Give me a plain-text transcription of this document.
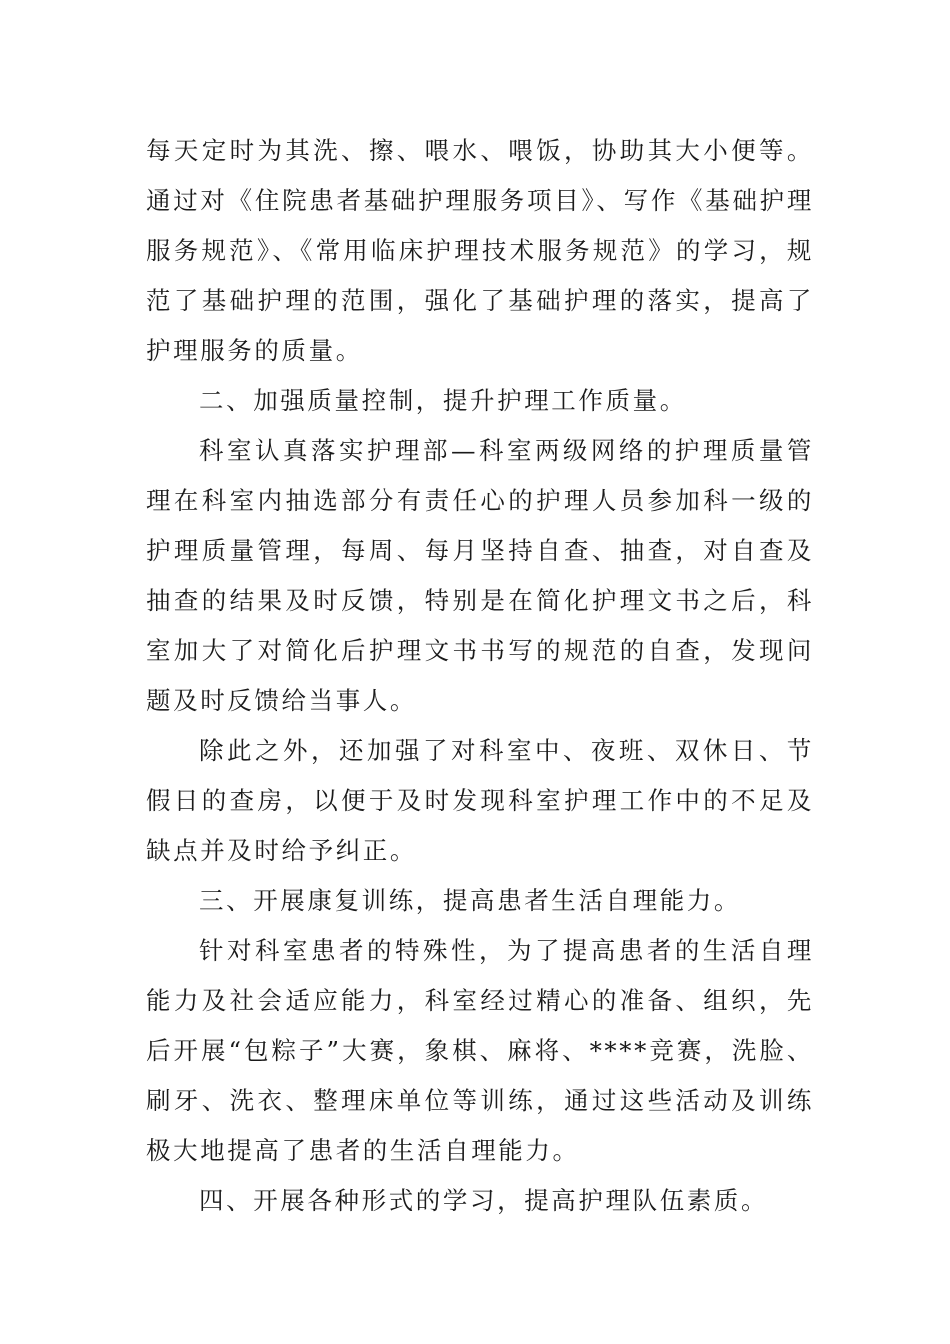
每天定时为其洗、擦、喂水、喂饭，协助其大小便等。通过对《住院患者基础护理服务项目》、写作《基础护理服务规范》、《常用临床护理技术服务规范》的学习，规范了基础护理的范围，强化了基础护理的落实，提高了护理服务的质量。

二、加强质量控制，提升护理工作质量。

科室认真落实护理部—科室两级网络的护理质量管理在科室内抽选部分有责任心的护理人员参加科一级的护理质量管理，每周、每月坚持自查、抽查，对自查及抽查的结果及时反馈，特别是在简化护理文书之后，科室加大了对简化后护理文书书写的规范的自查，发现问题及时反馈给当事人。

除此之外，还加强了对科室中、夜班、双休日、节假日的查房，以便于及时发现科室护理工作中的不足及缺点并及时给予纠正。

三、开展康复训练，提高患者生活自理能力。

针对科室患者的特殊性，为了提高患者的生活自理能力及社会适应能力，科室经过精心的准备、组织，先后开展“包粽子”大赛，象棋、麻将、****竞赛，洗脸、刷牙、洗衣、整理床单位等训练，通过这些活动及训练极大地提高了患者的生活自理能力。

四、开展各种形式的学习，提高护理队伍素质。
